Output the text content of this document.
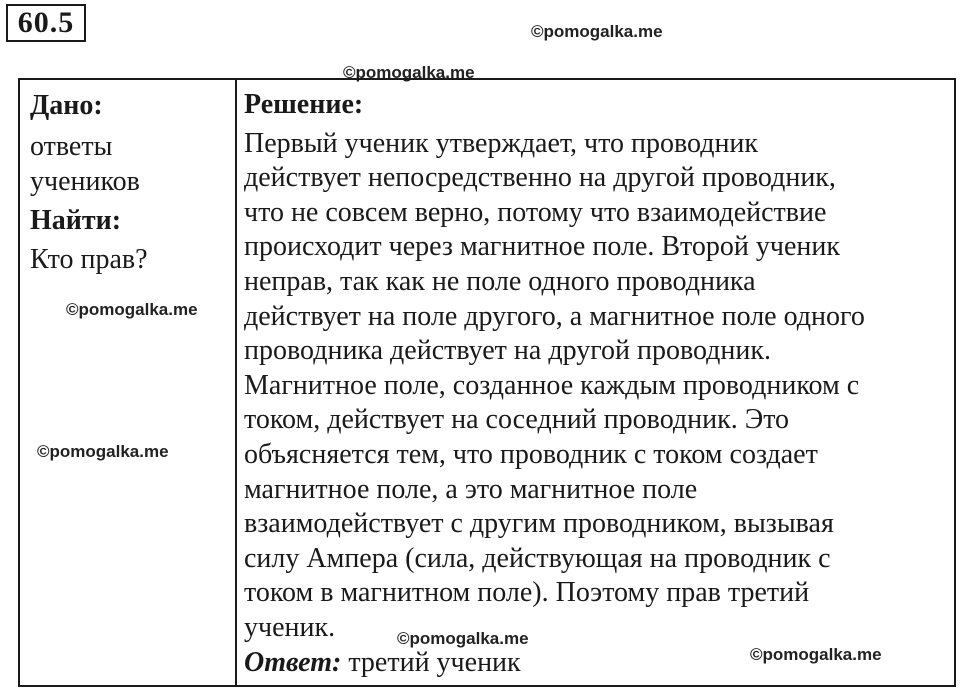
60.5	©pomogalka.me
©pomogalka.me
Дано:
ответы
учеников
Найти:
Кто прав?
Решение:
Первый ученик утверждает, что проводник
действует непосредственно на другой проводник,
что не совсем верно, потому что взаимодействие
происходит через магнитное поле. Второй ученик
неправ, так как не поле одного проводника
действует на поле другого, а магнитное поле одного
проводника действует на другой проводник.
Магнитное поле, созданное каждым проводником с
током, действует на соседний проводник. Это
объясняется тем, что проводник с током создает
магнитное поле, а это магнитное поле
взаимодействует с другим проводником, вызывая
силу Ампера (сила, действующая на проводник с
током в магнитном поле). Поэтому прав третий
ученик.
Ответ: третий ученик
©pomogalka.me
©pomogalka.me
©pomogalka.me
©pomogalka.me
